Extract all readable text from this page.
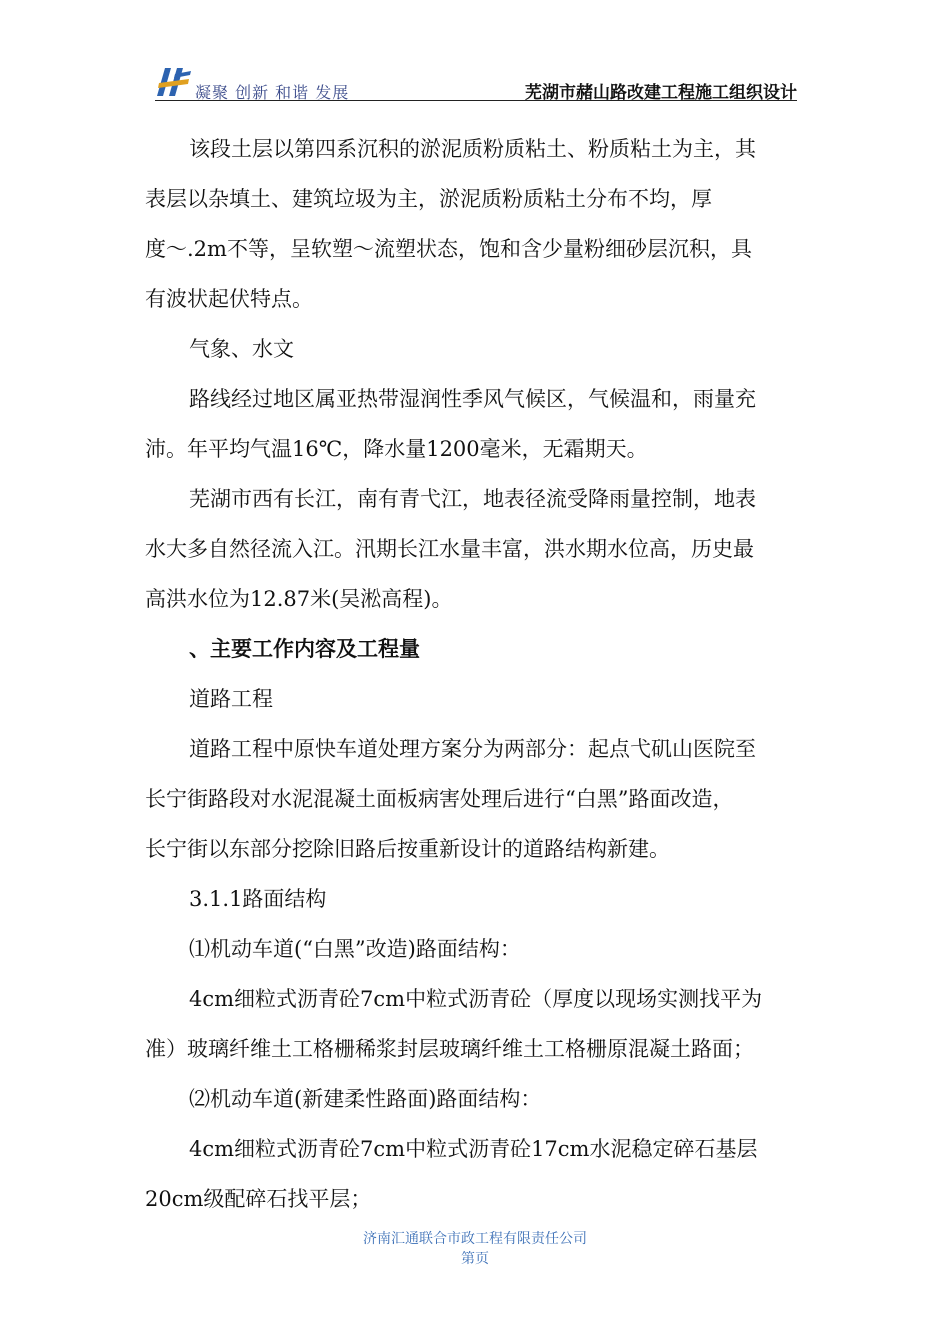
凝聚 创新 和谐 发展	芜湖市赭山路改建工程施工组织设计
该段土层以第四系沉积的淤泥质粉质粘土、粉质粘土为主，其
表层以杂填土、建筑垃圾为主，淤泥质粉质粘土分布不均，厚
度～.2m不等，呈软塑～流塑状态，饱和含少量粉细砂层沉积，具
有波状起伏特点。
气象、水文
路线经过地区属亚热带湿润性季风气候区，气候温和，雨量充
沛。年平均气温16℃，降水量1200毫米，无霜期天。
芜湖市西有长江，南有青弋江，地表径流受降雨量控制，地表
水大多自然径流入江。汛期长江水量丰富，洪水期水位高，历史最
高洪水位为12.87米(吴淞高程)。
、主要工作内容及工程量
道路工程
道路工程中原快车道处理方案分为两部分：起点弋矶山医院至
长宁街路段对水泥混凝土面板病害处理后进行“白黑”路面改造，
长宁街以东部分挖除旧路后按重新设计的道路结构新建。
3.1.1路面结构
⑴机动车道(“白黑”改造)路面结构：
4cm细粒式沥青砼7cm中粒式沥青砼（厚度以现场实测找平为
准）玻璃纤维土工格栅稀浆封层玻璃纤维土工格栅原混凝土路面；
⑵机动车道(新建柔性路面)路面结构：
4cm细粒式沥青砼7cm中粒式沥青砼17cm水泥稳定碎石基层
20cm级配碎石找平层；
济南汇通联合市政工程有限责任公司
第页
